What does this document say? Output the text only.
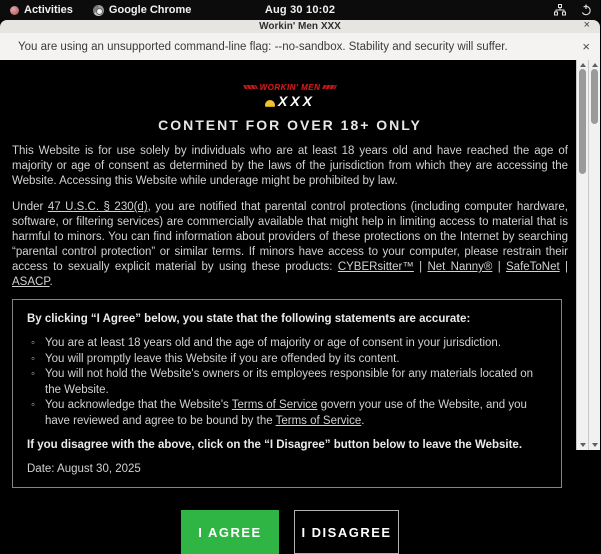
Activities	Google Chrome	Aug 30 10:02
Workin' Men XXX	×
You are using an unsupported command-line flag: --no-sandbox. Stability and security will suffer.	×
WORKIN' MEN
XXX
CONTENT FOR OVER 18+ ONLY

This Website is for use solely by individuals who are at least 18 years old and have reached the age of majority or age of consent as determined by the laws of the jurisdiction from which they are accessing the Website. Accessing this Website while underage might be prohibited by law.

Under 47 U.S.C. § 230(d), you are notified that parental control protections (including computer hardware, software, or filtering services) are commercially available that might help in limiting access to material that is harmful to minors. You can find information about providers of these protections on the Internet by searching “parental control protection” or similar terms. If minors have access to your computer, please restrain their access to sexually explicit material by using these products: CYBERsitter™ | Net Nanny® | SafeToNet | ASACP.

By clicking “I Agree” below, you state that the following statements are accurate:
◦ You are at least 18 years old and the age of majority or age of consent in your jurisdiction.
◦ You will promptly leave this Website if you are offended by its content.
◦ You will not hold the Website's owners or its employees responsible for any materials located on the Website.
◦ You acknowledge that the Website's Terms of Service govern your use of the Website, and you have reviewed and agree to be bound by the Terms of Service.
If you disagree with the above, click on the “I Disagree” button below to leave the Website.
Date: August 30, 2025
I AGREE	I DISAGREE
